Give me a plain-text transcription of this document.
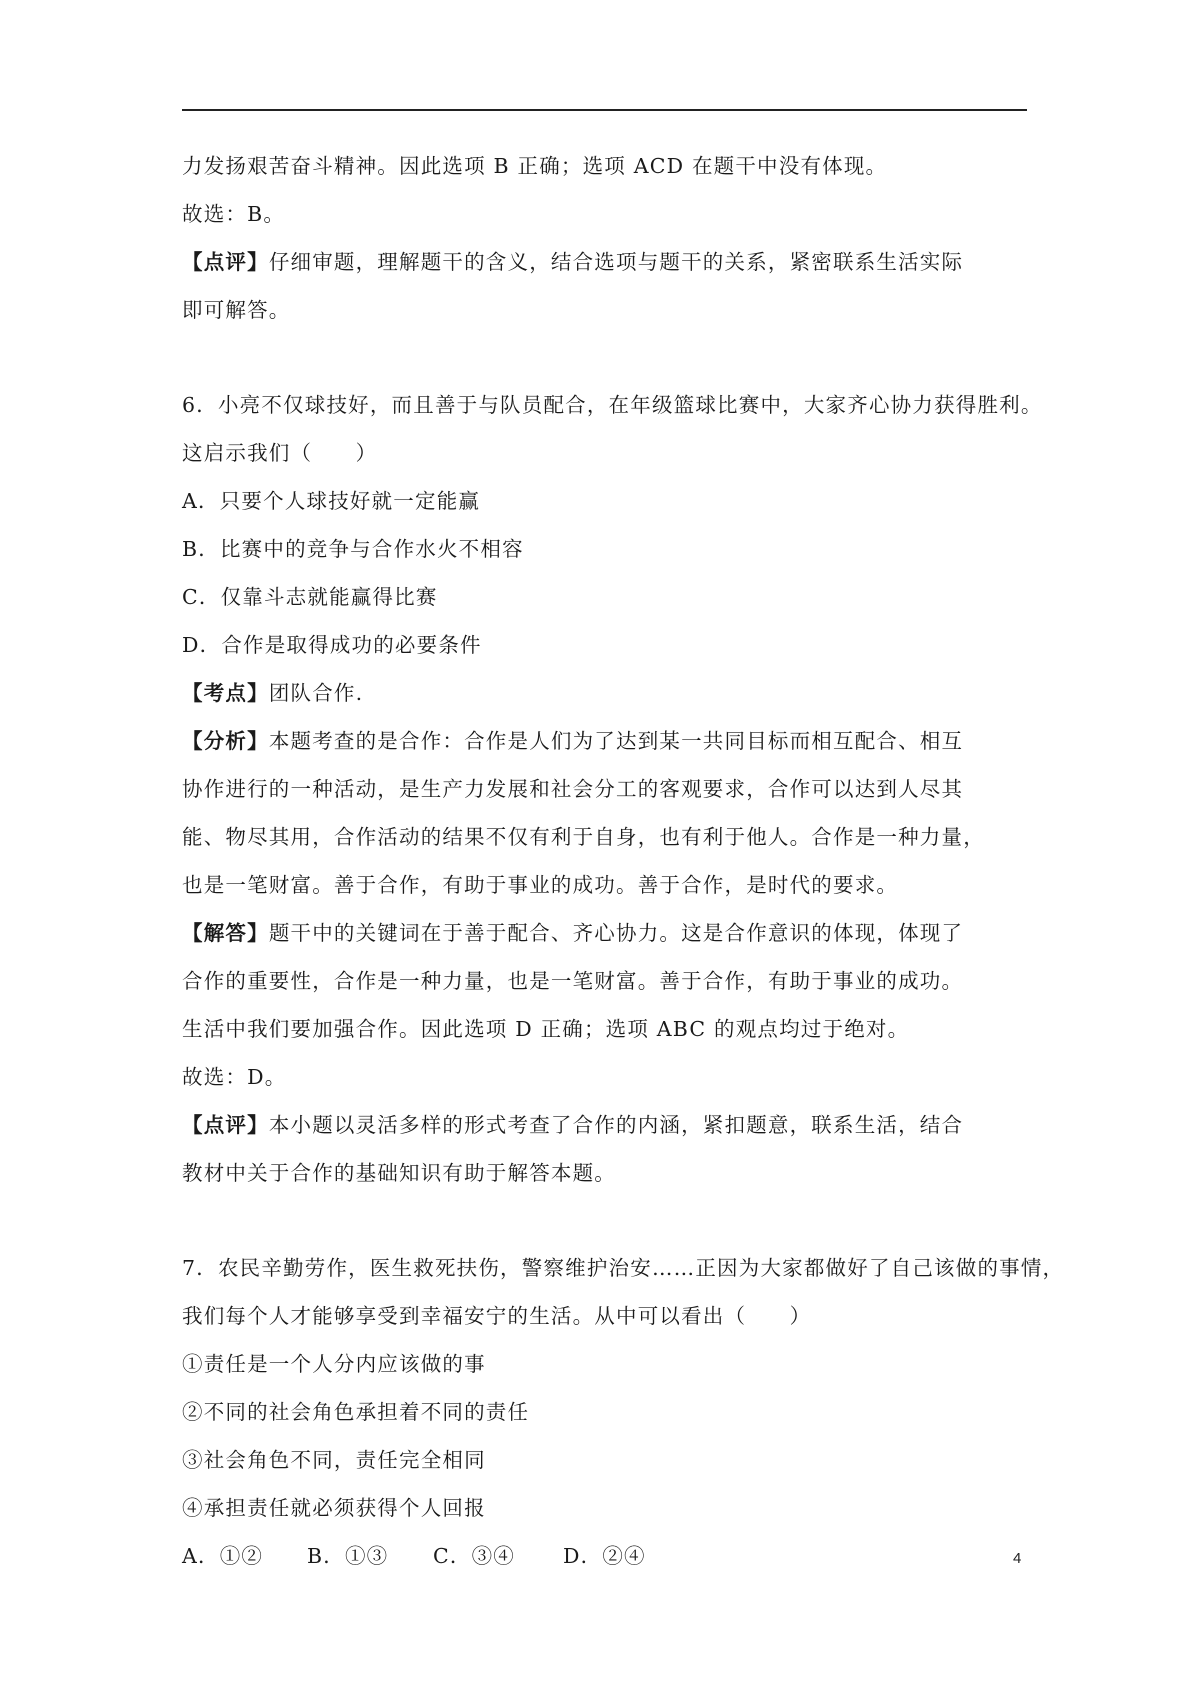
力发扬艰苦奋斗精神。因此选项 B 正确；选项 ACD 在题干中没有体现。
故选：B。
【点评】仔细审题，理解题干的含义，结合选项与题干的关系，紧密联系生活实际
即可解答。
6．小亮不仅球技好，而且善于与队员配合，在年级篮球比赛中，大家齐心协力获得胜利。
这启示我们（　　）
A．只要个人球技好就一定能赢
B．比赛中的竞争与合作水火不相容
C．仅靠斗志就能赢得比赛
D．合作是取得成功的必要条件
【考点】团队合作.
【分析】本题考查的是合作：合作是人们为了达到某一共同目标而相互配合、相互
协作进行的一种活动，是生产力发展和社会分工的客观要求，合作可以达到人尽其
能、物尽其用，合作活动的结果不仅有利于自身，也有利于他人。合作是一种力量，
也是一笔财富。善于合作，有助于事业的成功。善于合作，是时代的要求。
【解答】题干中的关键词在于善于配合、齐心协力。这是合作意识的体现，体现了
合作的重要性，合作是一种力量，也是一笔财富。善于合作，有助于事业的成功。
生活中我们要加强合作。因此选项 D 正确；选项 ABC 的观点均过于绝对。
故选：D。
【点评】本小题以灵活多样的形式考查了合作的内涵，紧扣题意，联系生活，结合
教材中关于合作的基础知识有助于解答本题。
7．农民辛勤劳作，医生救死扶伤，警察维护治安……正因为大家都做好了自己该做的事情，
我们每个人才能够享受到幸福安宁的生活。从中可以看出（　　）
①责任是一个人分内应该做的事
②不同的社会角色承担着不同的责任
③社会角色不同，责任完全相同
④承担责任就必须获得个人回报
A．①②	B．①③	C．③④	D．②④	4
